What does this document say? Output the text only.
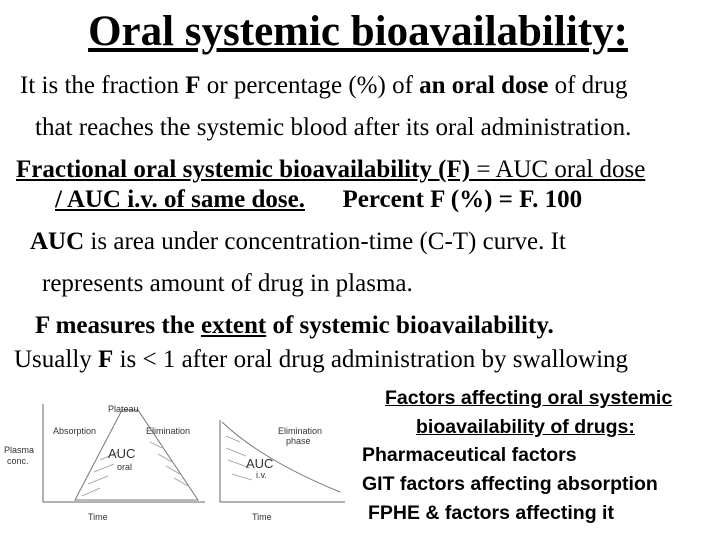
Oral systemic bioavailability:
It is the fraction F or percentage (%) of an oral dose of drug
that reaches the systemic blood after its oral administration.
Fractional oral systemic bioavailability (F) = AUC oral dose
/ AUC i.v. of same dose. Percent F (%) = F. 100
AUC is area under concentration-time (C-T) curve. It
represents amount of drug in plasma.
F measures the extent of systemic bioavailability.
Usually F is < 1 after oral drug administration by swallowing
Factors affecting oral systemic
bioavailability of drugs:
Pharmaceutical factors
GIT factors affecting absorption
FPHE & factors affecting it
Plasma
conc.
Plateau
Absorption	Elimination
AUC
oral
Time
Elimination
phase
AUC
i.v.
Time
